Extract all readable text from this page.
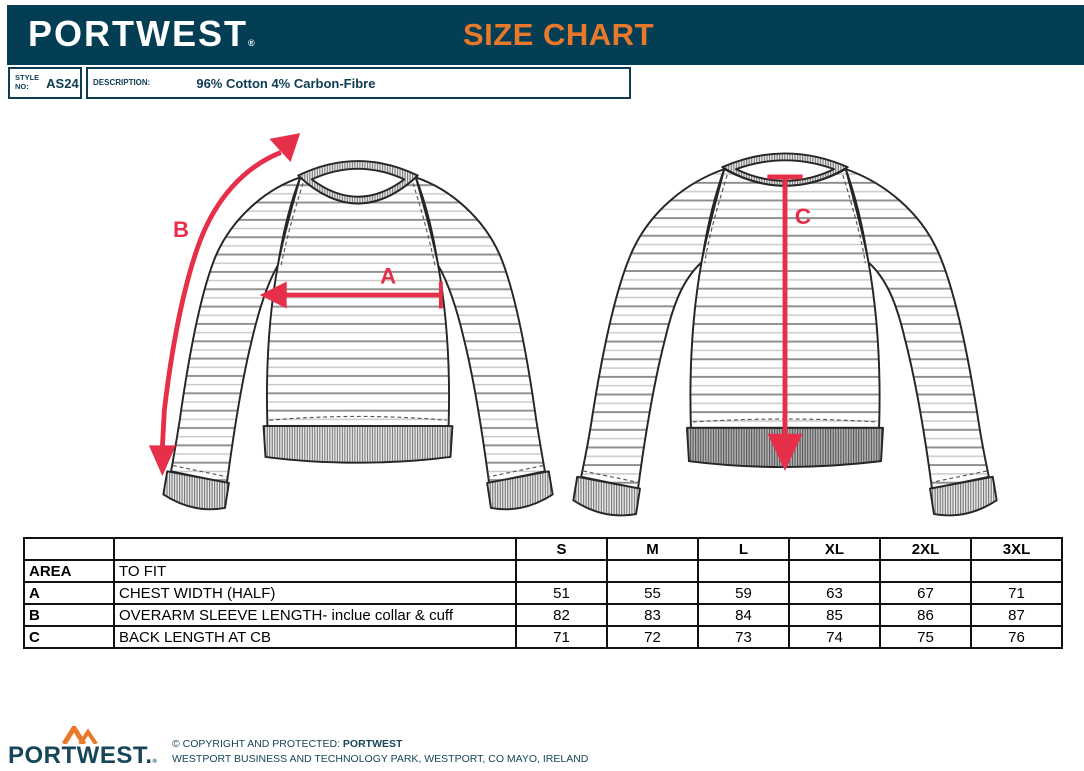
PORTWEST®	SIZE CHART
STYLE
NO:	AS24	DESCRIPTION:	96% Cotton 4% Carbon-Fibre
A
B
C
		S	M	L	XL	2XL	3XL
AREA	TO FIT						
A	CHEST WIDTH (HALF)	51	55	59	63	67	71
B	OVERARM SLEEVE LENGTH- inclue collar & cuff	82	83	84	85	86	87
C	BACK LENGTH AT CB	71	72	73	74	75	76
PORTWEST.®
© COPYRIGHT AND PROTECTED: PORTWEST
WESTPORT BUSINESS AND TECHNOLOGY PARK, WESTPORT, CO MAYO, IRELAND
